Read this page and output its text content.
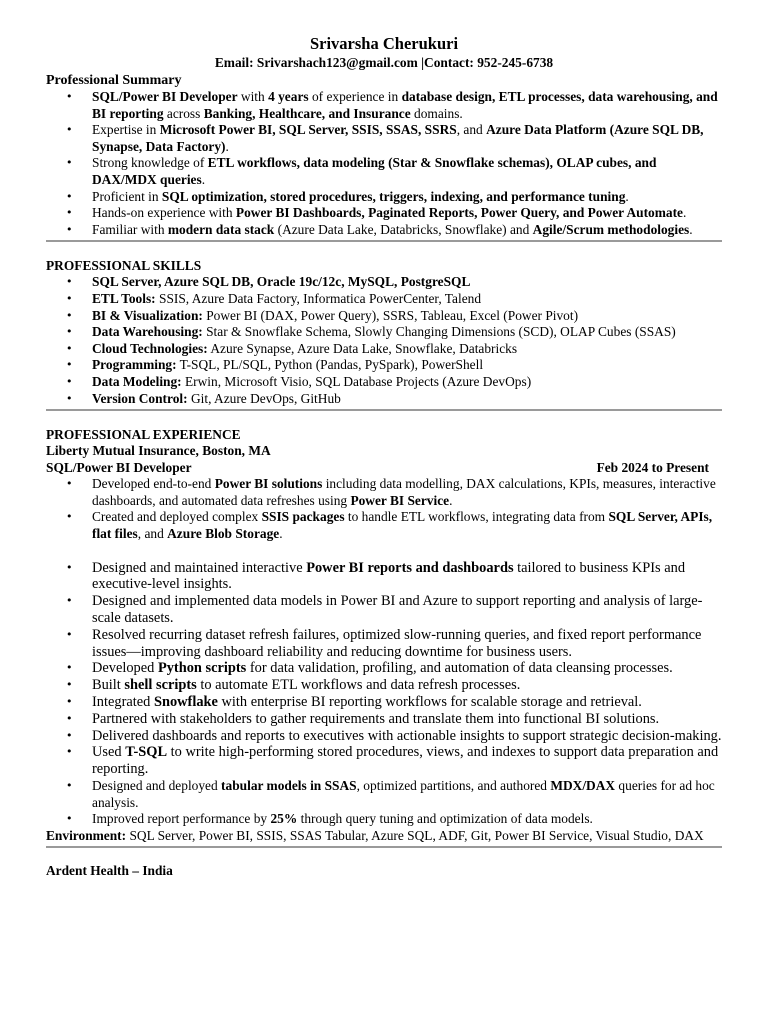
Srivarsha Cherukuri

Email: Srivarshach123@gmail.com |Contact: 952-245-6738

Professional Summary

• SQL/Power BI Developer with 4 years of experience in database design, ETL processes, data warehousing, and BI reporting across Banking, Healthcare, and Insurance domains.
• Expertise in Microsoft Power BI, SQL Server, SSIS, SSAS, SSRS, and Azure Data Platform (Azure SQL DB, Synapse, Data Factory).
• Strong knowledge of ETL workflows, data modeling (Star & Snowflake schemas), OLAP cubes, and DAX/MDX queries.
• Proficient in SQL optimization, stored procedures, triggers, indexing, and performance tuning.
• Hands-on experience with Power BI Dashboards, Paginated Reports, Power Query, and Power Automate.
• Familiar with modern data stack (Azure Data Lake, Databricks, Snowflake) and Agile/Scrum methodologies.

PROFESSIONAL SKILLS

• SQL Server, Azure SQL DB, Oracle 19c/12c, MySQL, PostgreSQL
• ETL Tools: SSIS, Azure Data Factory, Informatica PowerCenter, Talend
• BI & Visualization: Power BI (DAX, Power Query), SSRS, Tableau, Excel (Power Pivot)
• Data Warehousing: Star & Snowflake Schema, Slowly Changing Dimensions (SCD), OLAP Cubes (SSAS)
• Cloud Technologies: Azure Synapse, Azure Data Lake, Snowflake, Databricks
• Programming: T-SQL, PL/SQL, Python (Pandas, PySpark), PowerShell
• Data Modeling: Erwin, Microsoft Visio, SQL Database Projects (Azure DevOps)
• Version Control: Git, Azure DevOps, GitHub

PROFESSIONAL EXPERIENCE

Liberty Mutual Insurance, Boston, MA

SQL/Power BI Developer	Feb 2024 to Present
• Developed end-to-end Power BI solutions including data modelling, DAX calculations, KPIs, measures, interactive dashboards, and automated data refreshes using Power BI Service.
• Created and deployed complex SSIS packages to handle ETL workflows, integrating data from SQL Server, APIs, flat files, and Azure Blob Storage.
• Designed and maintained interactive Power BI reports and dashboards tailored to business KPIs and executive-level insights.
• Designed and implemented data models in Power BI and Azure to support reporting and analysis of large-scale datasets.
• Resolved recurring dataset refresh failures, optimized slow-running queries, and fixed report performance issues—improving dashboard reliability and reducing downtime for business users.
• Developed Python scripts for data validation, profiling, and automation of data cleansing processes.
• Built shell scripts to automate ETL workflows and data refresh processes.
• Integrated Snowflake with enterprise BI reporting workflows for scalable storage and retrieval.
• Partnered with stakeholders to gather requirements and translate them into functional BI solutions.
• Delivered dashboards and reports to executives with actionable insights to support strategic decision-making.
• Used T-SQL to write high-performing stored procedures, views, and indexes to support data preparation and reporting.
• Designed and deployed tabular models in SSAS, optimized partitions, and authored MDX/DAX queries for ad hoc analysis.
• Improved report performance by 25% through query tuning and optimization of data models.

Environment: SQL Server, Power BI, SSIS, SSAS Tabular, Azure SQL, ADF, Git, Power BI Service, Visual Studio, DAX

Ardent Health – India
